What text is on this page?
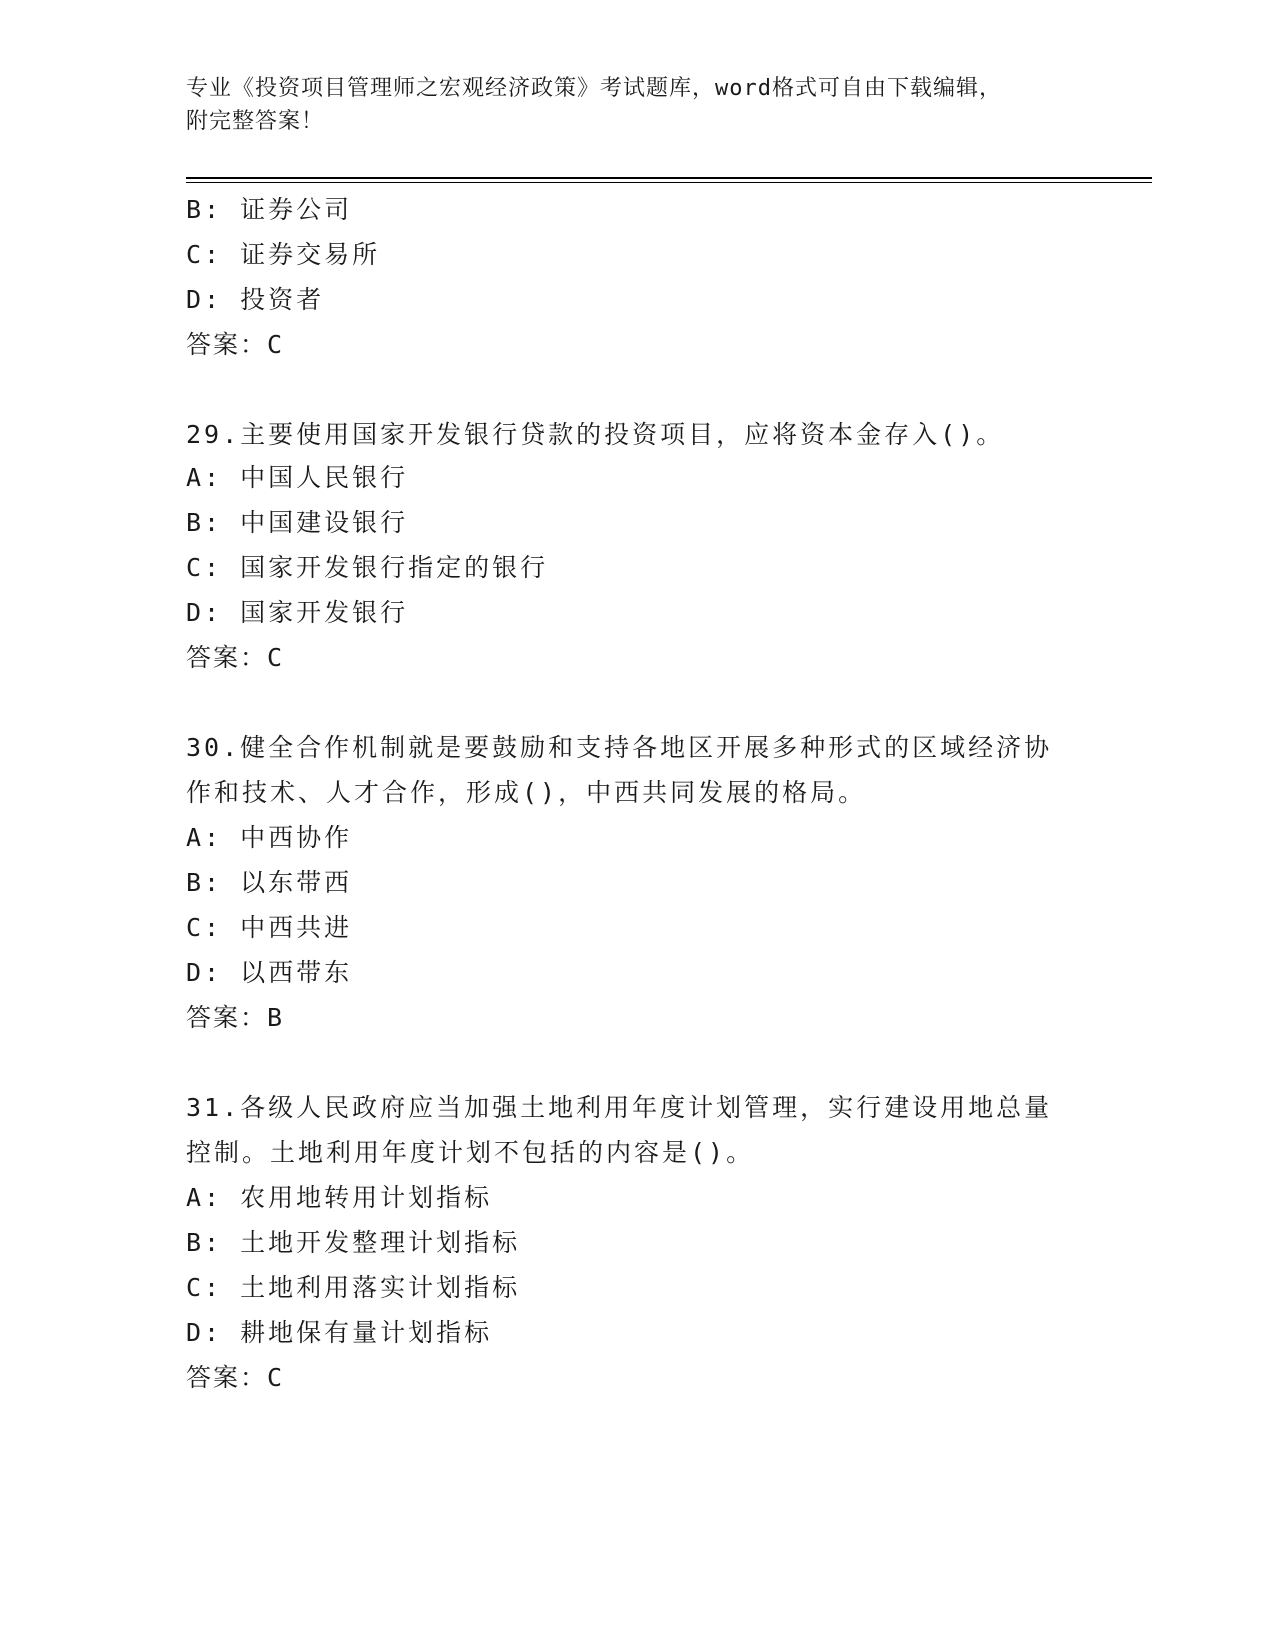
专业《投资项目管理师之宏观经济政策》考试题库，word格式可自由下载编辑，
附完整答案！
B: 证券公司
C: 证券交易所
D: 投资者
答案：C
29.主要使用国家开发银行贷款的投资项目，应将资本金存入()。
A: 中国人民银行
B: 中国建设银行
C: 国家开发银行指定的银行
D: 国家开发银行
答案：C
30.健全合作机制就是要鼓励和支持各地区开展多种形式的区域经济协
作和技术、人才合作，形成()，中西共同发展的格局。
A: 中西协作
B: 以东带西
C: 中西共进
D: 以西带东
答案：B
31.各级人民政府应当加强土地利用年度计划管理，实行建设用地总量
控制。土地利用年度计划不包括的内容是()。
A: 农用地转用计划指标
B: 土地开发整理计划指标
C: 土地利用落实计划指标
D: 耕地保有量计划指标
答案：C
